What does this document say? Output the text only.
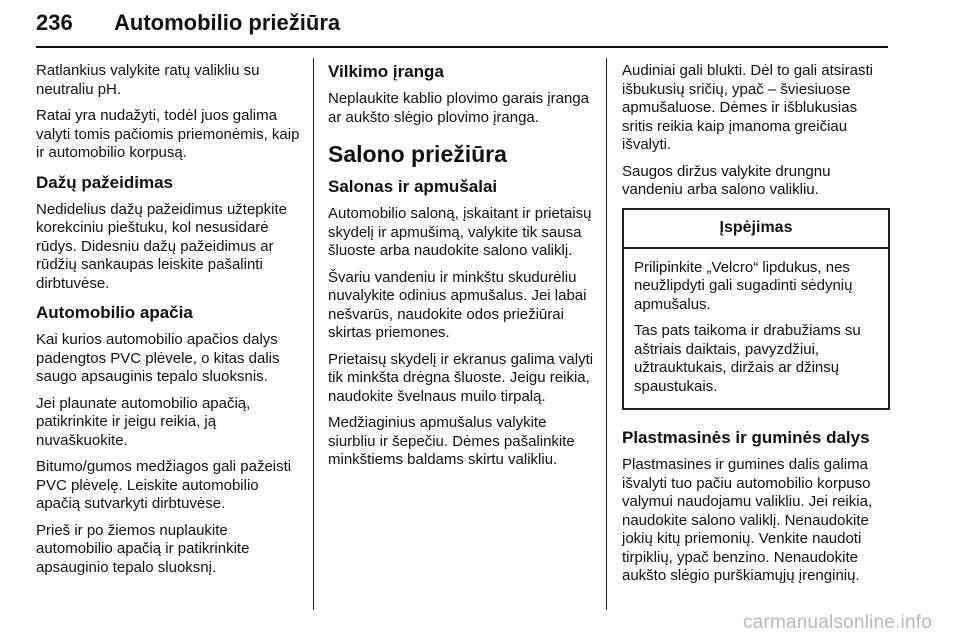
236 Automobilio priežiūra

Ratlankius valykite ratų valikliu su neutraliu pH.

Ratai yra nudažyti, todėl juos galima valyti tomis pačiomis priemonėmis, kaip ir automobilio korpusą.

Dažų pažeidimas

Nedidelius dažų pažeidimus užtepkite korekciniu pieštuku, kol nesusidarė rūdys. Didesniu dažų pažeidimus ar rūdžių sankaupas leiskite pašalinti dirbtuvėse.

Automobilio apačia

Kai kurios automobilio apačios dalys padengtos PVC plėvele, o kitas dalis saugo apsauginis tepalo sluoksnis.

Jei plaunate automobilio apačią, patikrinkite ir jeigu reikia, ją nuvaškuokite.

Bitumo/gumos medžiagos gali pažeisti PVC plėvelę. Leiskite automobilio apačią sutvarkyti dirbtuvėse.

Prieš ir po žiemos nuplaukite automobilio apačią ir patikrinkite apsauginio tepalo sluoksnį.

Vilkimo įranga

Neplaukite kablio plovimo garais įranga ar aukšto slėgio plovimo įranga.

Salono priežiūra
Salonas ir apmušalai

Automobilio saloną, įskaitant ir prietaisų skydelį ir apmušimą, valykite tik sausa šluoste arba naudokite salono valiklį.

Švariu vandeniu ir minkštu skudurėliu nuvalykite odinius apmušalus. Jei labai nešvarūs, naudokite odos priežiūrai skirtas priemones.

Prietaisų skydelį ir ekranus galima valyti tik minkšta drėgna šluoste. Jeigu reikia, naudokite švelnaus muilo tirpalą.

Medžiaginius apmušalus valykite siurbliu ir šepečiu. Dėmes pašalinkite minkštiems baldams skirtu valikliu.

Audiniai gali blukti. Dėl to gali atsirasti išbukusių sričių, ypač – šviesiuose apmušaluose. Dėmes ir išblukusias sritis reikia kaip įmanoma greičiau išvalyti.

Saugos diržus valykite drungnu vandeniu arba salono valikliu.

Įspėjimas

Prilipinkite „Velcro“ lipdukus, nes neužlipdyti gali sugadinti sėdynių apmušalus.

Tas pats taikoma ir drabužiams su aštriais daiktais, pavyzdžiui, užtrauktukais, diržais ar džinsų spaustukais.

Plastmasinės ir guminės dalys

Plastmasines ir gumines dalis galima išvalyti tuo pačiu automobilio korpuso valymui naudojamu valikliu. Jei reikia, naudokite salono valiklį. Nenaudokite jokių kitų priemonių. Venkite naudoti tirpiklių, ypač benzino. Nenaudokite aukšto slėgio purškiamųjų įrenginių.

carmanualsonline.info
